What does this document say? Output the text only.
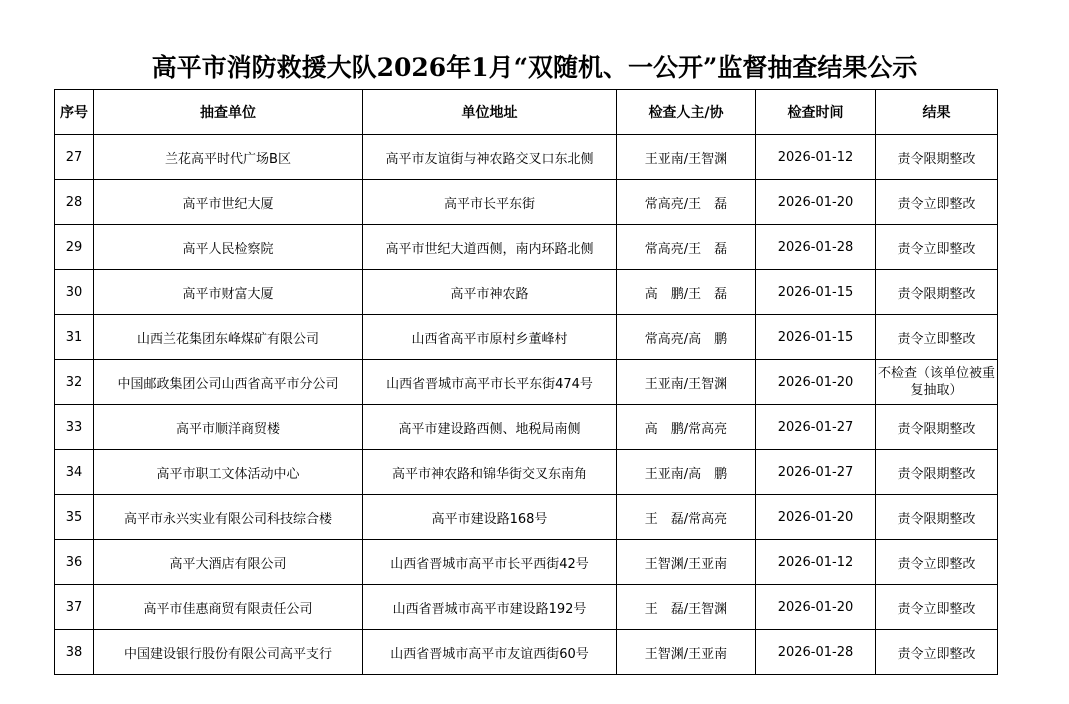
高平市消防救援大队2026年1月“双随机、一公开”监督抽查结果公示
序号	抽查单位	单位地址	检查人主/协	检查时间	结果
27	兰花高平时代广场B区	高平市友谊街与神农路交叉口东北侧	王亚南/王智渊	2026-01-12	责令限期整改
28	高平市世纪大厦	高平市长平东街	常高亮/王　磊	2026-01-20	责令立即整改
29	高平人民检察院	高平市世纪大道西侧，南内环路北侧	常高亮/王　磊	2026-01-28	责令立即整改
30	高平市财富大厦	高平市神农路	高　鹏/王　磊	2026-01-15	责令限期整改
31	山西兰花集团东峰煤矿有限公司	山西省高平市原村乡董峰村	常高亮/高　鹏	2026-01-15	责令立即整改
32	中国邮政集团公司山西省高平市分公司	山西省晋城市高平市长平东街474号	王亚南/王智渊	2026-01-20	不检查（该单位被重复抽取）
33	高平市顺洋商贸楼	高平市建设路西侧、地税局南侧	高　鹏/常高亮	2026-01-27	责令限期整改
34	高平市职工文体活动中心	高平市神农路和锦华街交叉东南角	王亚南/高　鹏	2026-01-27	责令限期整改
35	高平市永兴实业有限公司科技综合楼	高平市建设路168号	王　磊/常高亮	2026-01-20	责令限期整改
36	高平大酒店有限公司	山西省晋城市高平市长平西街42号	王智渊/王亚南	2026-01-12	责令立即整改
37	高平市佳惠商贸有限责任公司	山西省晋城市高平市建设路192号	王　磊/王智渊	2026-01-20	责令立即整改
38	中国建设银行股份有限公司高平支行	山西省晋城市高平市友谊西街60号	王智渊/王亚南	2026-01-28	责令立即整改
